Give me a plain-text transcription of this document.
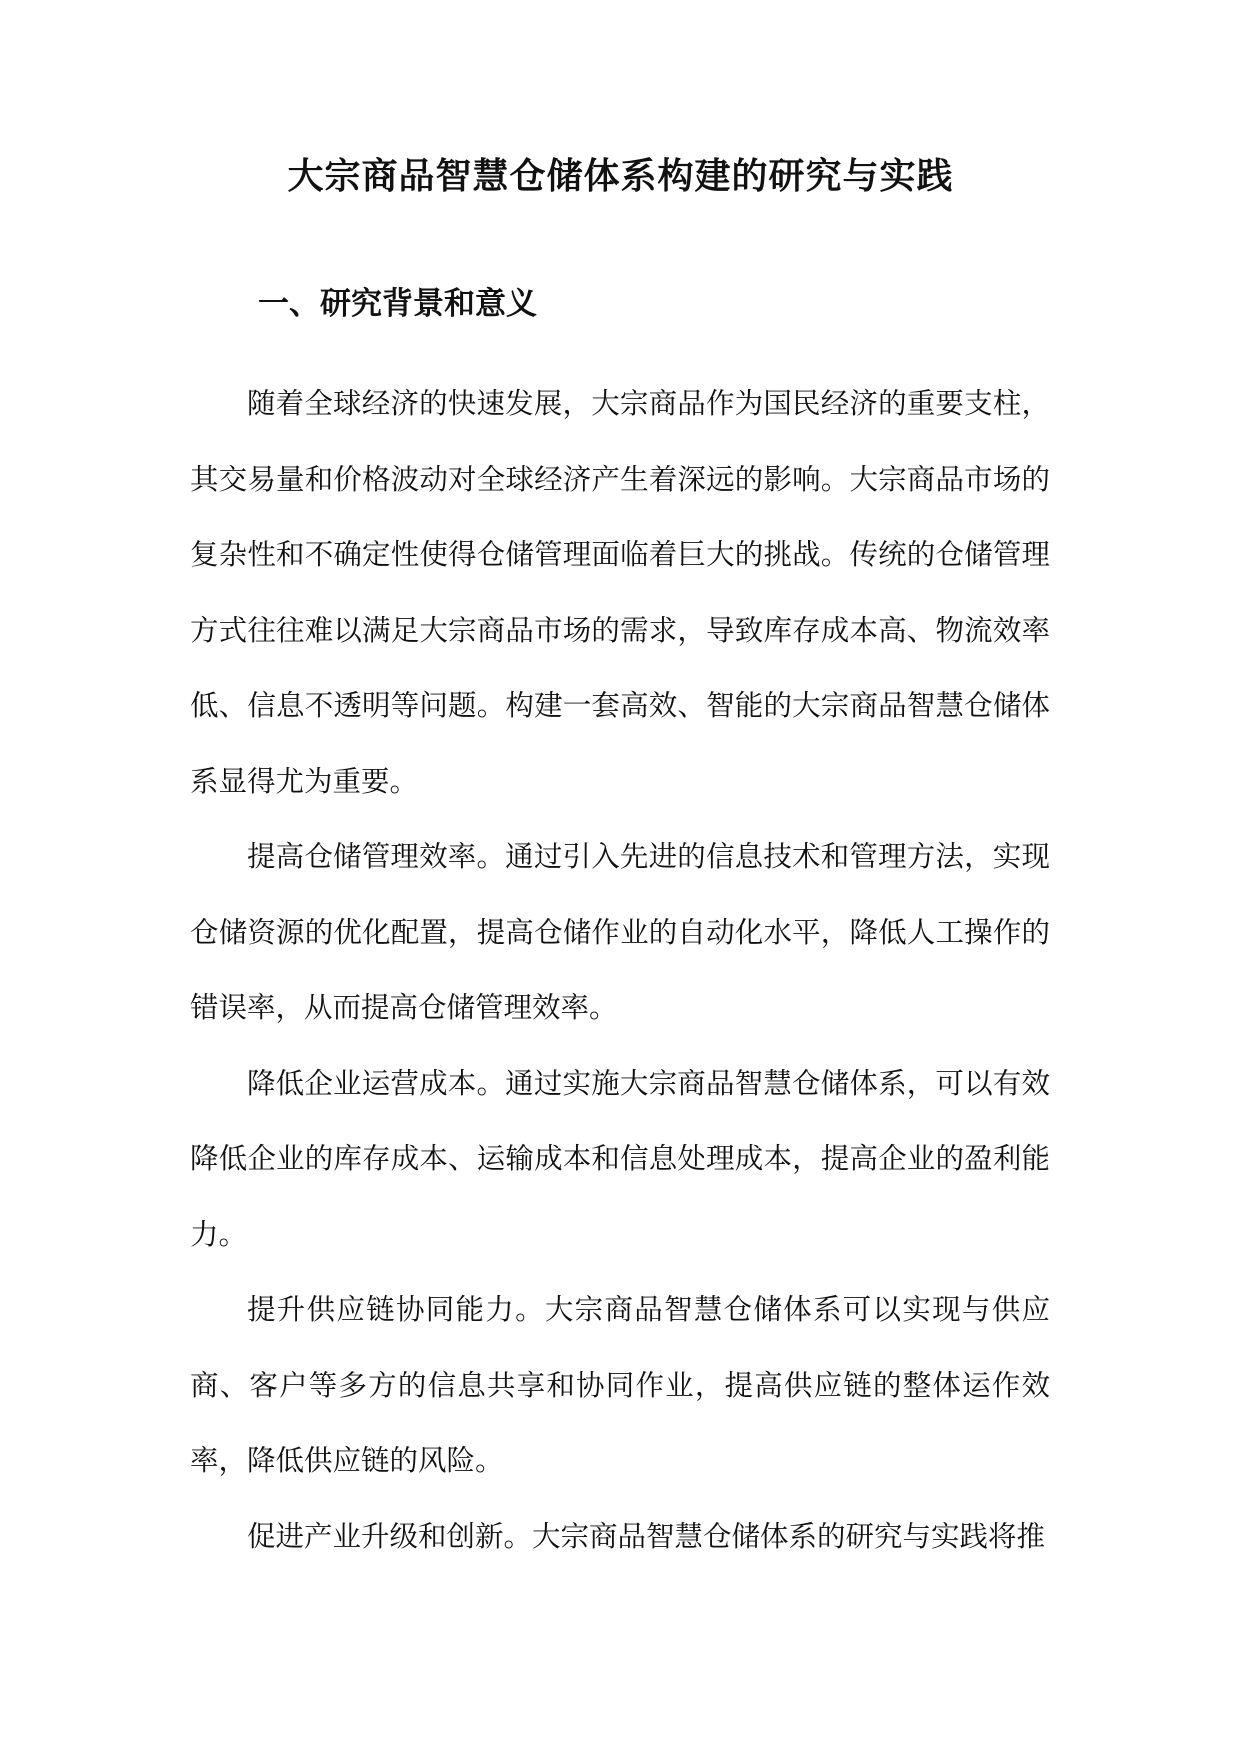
大宗商品智慧仓储体系构建的研究与实践
一、研究背景和意义

随着全球经济的快速发展，大宗商品作为国民经济的重要支柱，其交易量和价格波动对全球经济产生着深远的影响。大宗商品市场的复杂性和不确定性使得仓储管理面临着巨大的挑战。传统的仓储管理方式往往难以满足大宗商品市场的需求，导致库存成本高、物流效率低、信息不透明等问题。构建一套高效、智能的大宗商品智慧仓储体系显得尤为重要。

提高仓储管理效率。通过引入先进的信息技术和管理方法，实现仓储资源的优化配置，提高仓储作业的自动化水平，降低人工操作的错误率，从而提高仓储管理效率。

降低企业运营成本。通过实施大宗商品智慧仓储体系，可以有效降低企业的库存成本、运输成本和信息处理成本，提高企业的盈利能力。

提升供应链协同能力。大宗商品智慧仓储体系可以实现与供应商、客户等多方的信息共享和协同作业，提高供应链的整体运作效率，降低供应链的风险。

促进产业升级和创新。大宗商品智慧仓储体系的研究与实践将推
